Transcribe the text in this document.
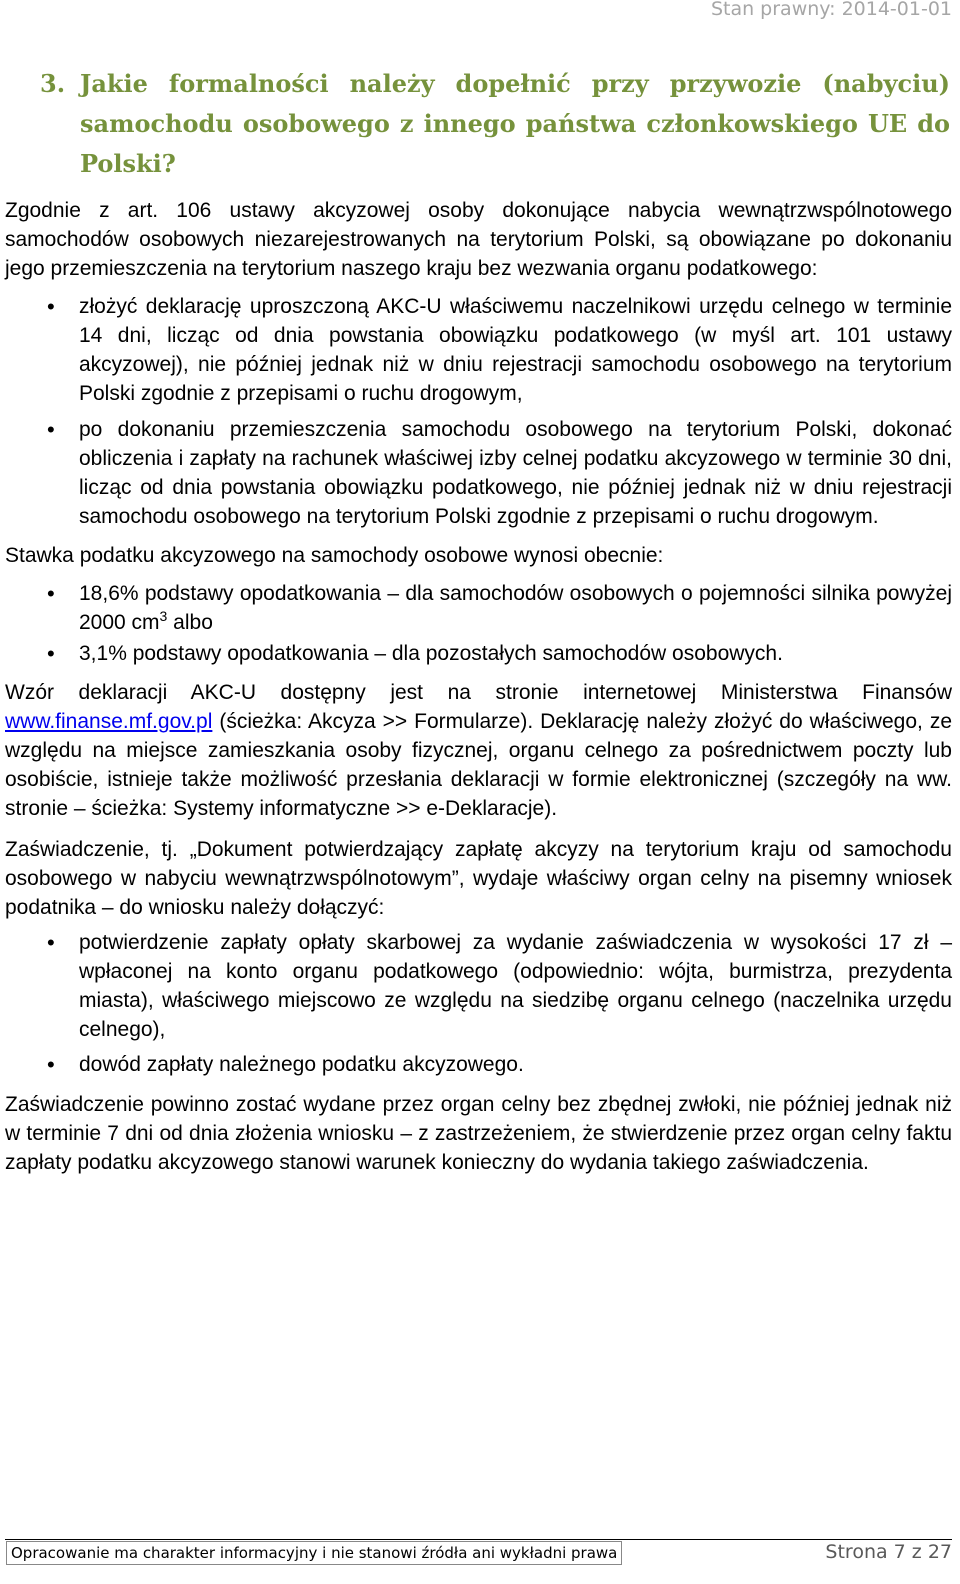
Stan prawny: 2014-01-01
3. Jakie formalności należy dopełnić przy przywozie (nabyciu) samochodu osobowego z innego państwa członkowskiego UE do Polski?

Zgodnie z art. 106 ustawy akcyzowej osoby dokonujące nabycia wewnątrzwspólnotowego samochodów osobowych niezarejestrowanych na terytorium Polski, są obowiązane po dokonaniu jego przemieszczenia na terytorium naszego kraju bez wezwania organu podatkowego:

• złożyć deklarację uproszczoną AKC-U właściwemu naczelnikowi urzędu celnego w terminie 14 dni, licząc od dnia powstania obowiązku podatkowego (w myśl art. 101 ustawy akcyzowej), nie później jednak niż w dniu rejestracji samochodu osobowego na terytorium Polski zgodnie z przepisami o ruchu drogowym,
• po dokonaniu przemieszczenia samochodu osobowego na terytorium Polski, dokonać obliczenia i zapłaty na rachunek właściwej izby celnej podatku akcyzowego w terminie 30 dni, licząc od dnia powstania obowiązku podatkowego, nie później jednak niż w dniu rejestracji samochodu osobowego na terytorium Polski zgodnie z przepisami o ruchu drogowym.

Stawka podatku akcyzowego na samochody osobowe wynosi obecnie:

• 18,6% podstawy opodatkowania – dla samochodów osobowych o pojemności silnika powyżej 2000 $cm^3$ albo
• 3,1% podstawy opodatkowania – dla pozostałych samochodów osobowych.

Wzór deklaracji AKC-U dostępny jest na stronie internetowej Ministerstwa Finansów www.finanse.mf.gov.pl (ścieżka: Akcyza >> Formularze). Deklarację należy złożyć do właściwego, ze względu na miejsce zamieszkania osoby fizycznej, organu celnego za pośrednictwem poczty lub osobiście, istnieje także możliwość przesłania deklaracji w formie elektronicznej (szczegóły na ww. stronie – ścieżka: Systemy informatyczne >> e-Deklaracje).

Zaświadczenie, tj. „Dokument potwierdzający zapłatę akcyzy na terytorium kraju od samochodu osobowego w nabyciu wewnątrzwspólnotowym”, wydaje właściwy organ celny na pisemny wniosek podatnika – do wniosku należy dołączyć:

• potwierdzenie zapłaty opłaty skarbowej za wydanie zaświadczenia w wysokości 17 zł – wpłaconej na konto organu podatkowego (odpowiednio: wójta, burmistrza, prezydenta miasta), właściwego miejscowo ze względu na siedzibę organu celnego (naczelnika urzędu celnego),
• dowód zapłaty należnego podatku akcyzowego.

Zaświadczenie powinno zostać wydane przez organ celny bez zbędnej zwłoki, nie później jednak niż w terminie 7 dni od dnia złożenia wniosku – z zastrzeżeniem, że stwierdzenie przez organ celny faktu zapłaty podatku akcyzowego stanowi warunek konieczny do wydania takiego zaświadczenia.

Opracowanie ma charakter informacyjny i nie stanowi źródła ani wykładni prawa	Strona 7 z 27
